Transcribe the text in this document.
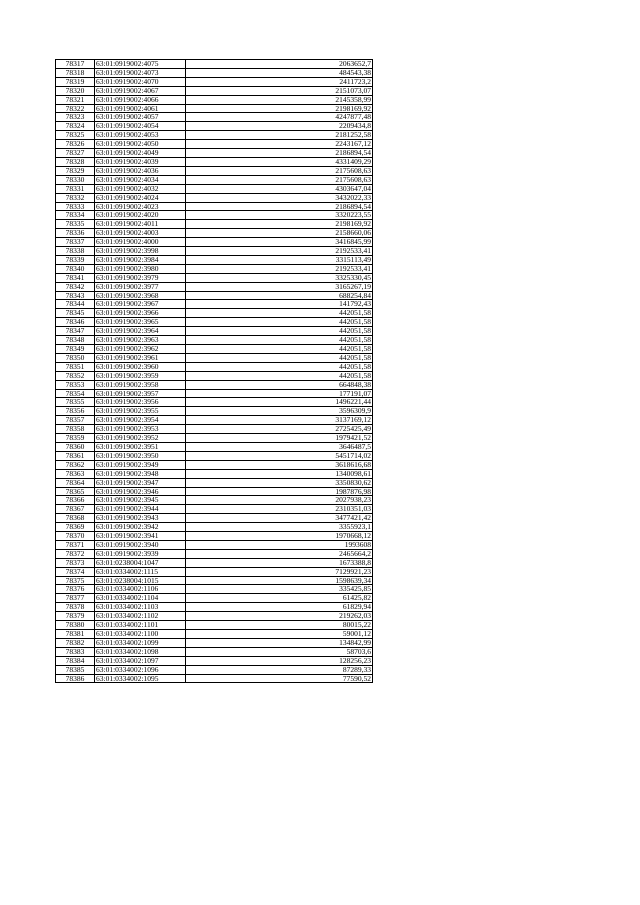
78317	63:01:0919002:4075	2063652,7
78318	63:01:0919002:4073	484543,38
78319	63:01:0919002:4070	2411723,2
78320	63:01:0919002:4067	2151073,07
78321	63:01:0919002:4066	2145358,99
78322	63:01:0919002:4061	2198169,92
78323	63:01:0919002:4057	4247877,48
78324	63:01:0919002:4054	2209434,8
78325	63:01:0919002:4053	2181252,58
78326	63:01:0919002:4050	2243167,12
78327	63:01:0919002:4049	2186894,54
78328	63:01:0919002:4039	4331409,29
78329	63:01:0919002:4036	2175608,63
78330	63:01:0919002:4034	2175608,63
78331	63:01:0919002:4032	4303647,04
78332	63:01:0919002:4024	3432022,33
78333	63:01:0919002:4023	2186894,54
78334	63:01:0919002:4020	3320223,55
78335	63:01:0919002:4011	2198169,92
78336	63:01:0919002:4003	2158660,06
78337	63:01:0919002:4000	3416845,99
78338	63:01:0919002:3998	2192533,41
78339	63:01:0919002:3984	3315113,49
78340	63:01:0919002:3980	2192533,41
78341	63:01:0919002:3979	3325330,45
78342	63:01:0919002:3977	3165267,19
78343	63:01:0919002:3968	688254,84
78344	63:01:0919002:3967	141792,43
78345	63:01:0919002:3966	442051,58
78346	63:01:0919002:3965	442051,58
78347	63:01:0919002:3964	442051,58
78348	63:01:0919002:3963	442051,58
78349	63:01:0919002:3962	442051,58
78350	63:01:0919002:3961	442051,58
78351	63:01:0919002:3960	442051,58
78352	63:01:0919002:3959	442051,58
78353	63:01:0919002:3958	664848,38
78354	63:01:0919002:3957	177191,07
78355	63:01:0919002:3956	1496221,44
78356	63:01:0919002:3955	3596309,9
78357	63:01:0919002:3954	3137169,12
78358	63:01:0919002:3953	2725425,49
78359	63:01:0919002:3952	1979421,52
78360	63:01:0919002:3951	3646487,5
78361	63:01:0919002:3950	5451714,02
78362	63:01:0919002:3949	3618616,68
78363	63:01:0919002:3948	1340098,61
78364	63:01:0919002:3947	3350830,62
78365	63:01:0919002:3946	1987876,98
78366	63:01:0919002:3945	2027938,23
78367	63:01:0919002:3944	2310351,03
78368	63:01:0919002:3943	3477421,42
78369	63:01:0919002:3942	3355923,1
78370	63:01:0919002:3941	1970668,12
78371	63:01:0919002:3940	1993608
78372	63:01:0919002:3939	2465664,2
78373	63:01:0238004:1047	1673388,8
78374	63:01:0334002:1115	7129921,23
78375	63:01:0238004:1015	1598639,34
78376	63:01:0334002:1106	335425,85
78377	63:01:0334002:1104	61425,82
78378	63:01:0334002:1103	61829,94
78379	63:01:0334002:1102	219262,03
78380	63:01:0334002:1101	80015,22
78381	63:01:0334002:1100	59001,12
78382	63:01:0334002:1099	134842,99
78383	63:01:0334002:1098	58703,6
78384	63:01:0334002:1097	128256,23
78385	63:01:0334002:1096	87289,33
78386	63:01:0334002:1095	77590,52
